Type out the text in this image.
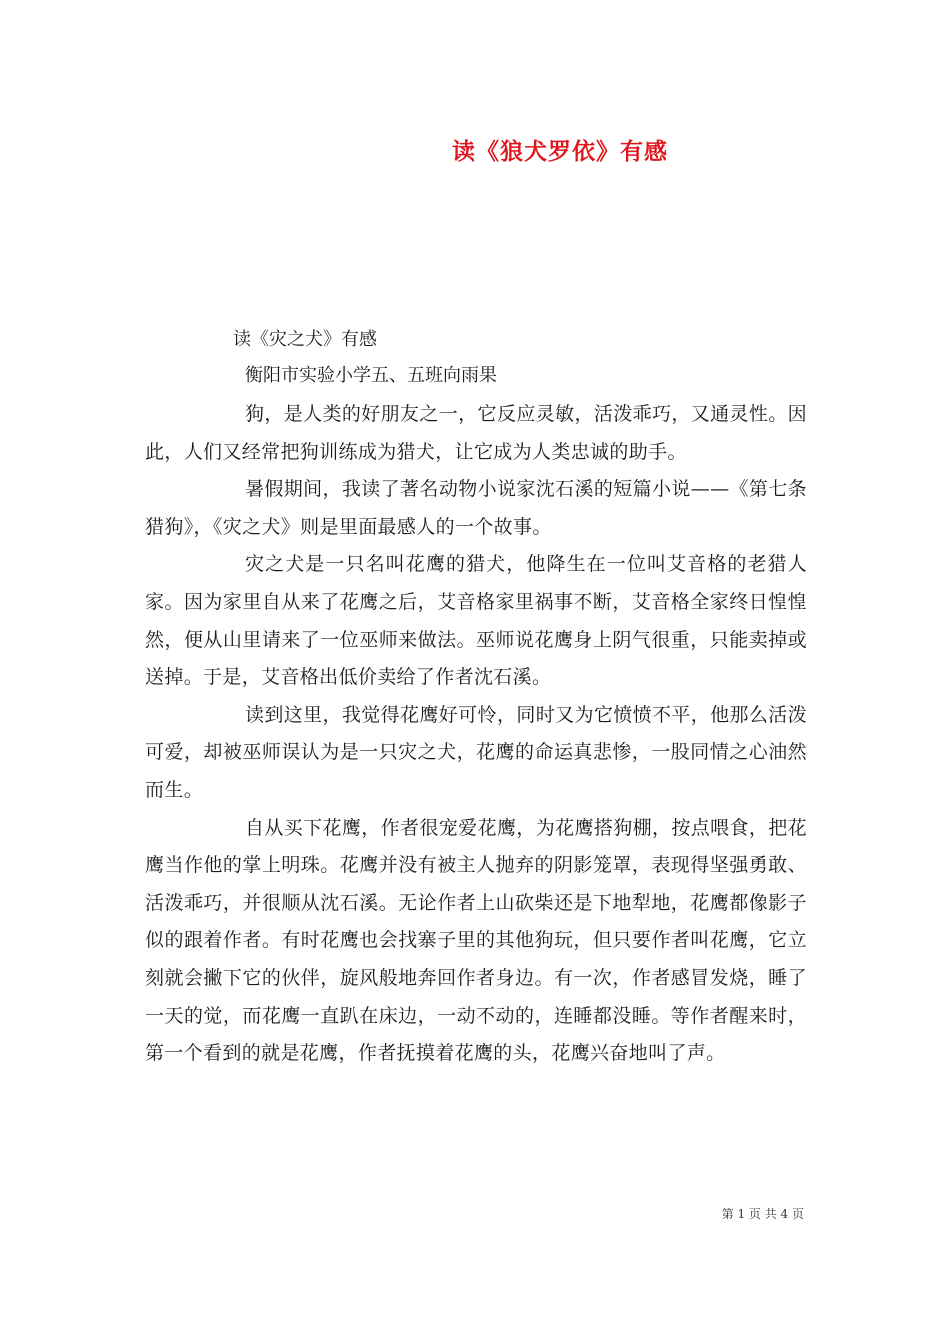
读《狼犬罗依》有感

读《灾之犬》有感

衡阳市实验小学五、五班向雨果

狗，是人类的好朋友之一，它反应灵敏，活泼乖巧，又通灵性。因此，人们又经常把狗训练成为猎犬，让它成为人类忠诚的助手。

暑假期间，我读了著名动物小说家沈石溪的短篇小说——《第七条猎狗》，《灾之犬》则是里面最感人的一个故事。

灾之犬是一只名叫花鹰的猎犬，他降生在一位叫艾音格的老猎人家。因为家里自从来了花鹰之后，艾音格家里祸事不断，艾音格全家终日惶惶然，便从山里请来了一位巫师来做法。巫师说花鹰身上阴气很重，只能卖掉或送掉。于是，艾音格出低价卖给了作者沈石溪。

读到这里，我觉得花鹰好可怜，同时又为它愤愤不平，他那么活泼可爱，却被巫师误认为是一只灾之犬，花鹰的命运真悲惨，一股同情之心油然而生。

自从买下花鹰，作者很宠爱花鹰，为花鹰搭狗棚，按点喂食，把花鹰当作他的掌上明珠。花鹰并没有被主人抛弃的阴影笼罩，表现得坚强勇敢、活泼乖巧，并很顺从沈石溪。无论作者上山砍柴还是下地犁地，花鹰都像影子似的跟着作者。有时花鹰也会找寨子里的其他狗玩，但只要作者叫花鹰，它立刻就会撇下它的伙伴，旋风般地奔回作者身边。有一次，作者感冒发烧，睡了一天的觉，而花鹰一直趴在床边，一动不动的，连睡都没睡。等作者醒来时，第一个看到的就是花鹰，作者抚摸着花鹰的头，花鹰兴奋地叫了声。

第 1 页 共 4 页
